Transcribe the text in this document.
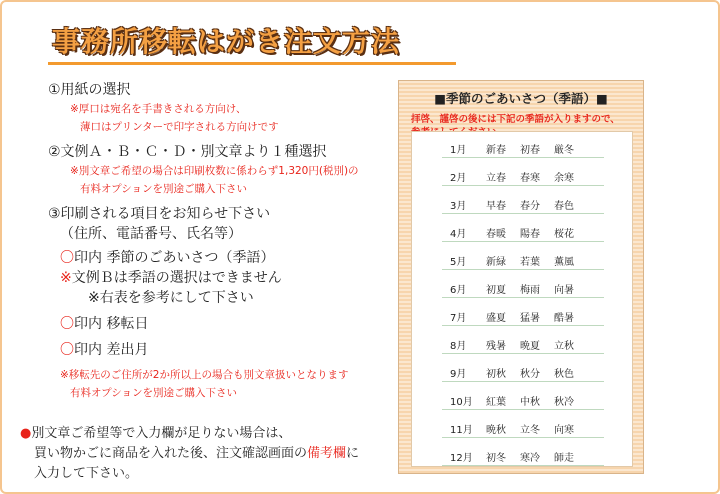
事務所移転はがき注文方法
①用紙の選択
※厚口は宛名を手書きされる方向け、
薄口はプリンターで印字される方向けです
②文例Ａ・Ｂ・Ｃ・Ｄ・別文章より１種選択
※別文章ご希望の場合は印刷枚数に係わらず1,320円(税別)の
有料オプションを別途ご購入下さい
③印刷される項目をお知らせ下さい
（住所、電話番号、氏名等）
〇印内 季節のごあいさつ（季語）
※文例Ｂは季語の選択はできません
※右表を参考にして下さい
〇印内 移転日
〇印内 差出月
※移転先のご住所が2か所以上の場合も別文章扱いとなります
有料オプションを別途ご購入下さい
●別文章ご希望等で入力欄が足りない場合は、
買い物かごに商品を入れた後、注文確認画面の備考欄に
入力して下さい。
■季節のごあいさつ（季語）■
拝啓、謹啓の後には下記の季語が入りますので、
1月 新春 初春 厳冬
2月 立春 春寒 余寒
3月 早春 春分 春色
4月 春暖 陽春 桜花
5月 新緑 若葉 薫風
6月 初夏 梅雨 向暑
7月 盛夏 猛暑 酷暑
8月 残暑 晩夏 立秋
9月 初秋 秋分 秋色
10月 紅葉 中秋 秋冷
11月 晩秋 立冬 向寒
12月 初冬 寒冷 師走
